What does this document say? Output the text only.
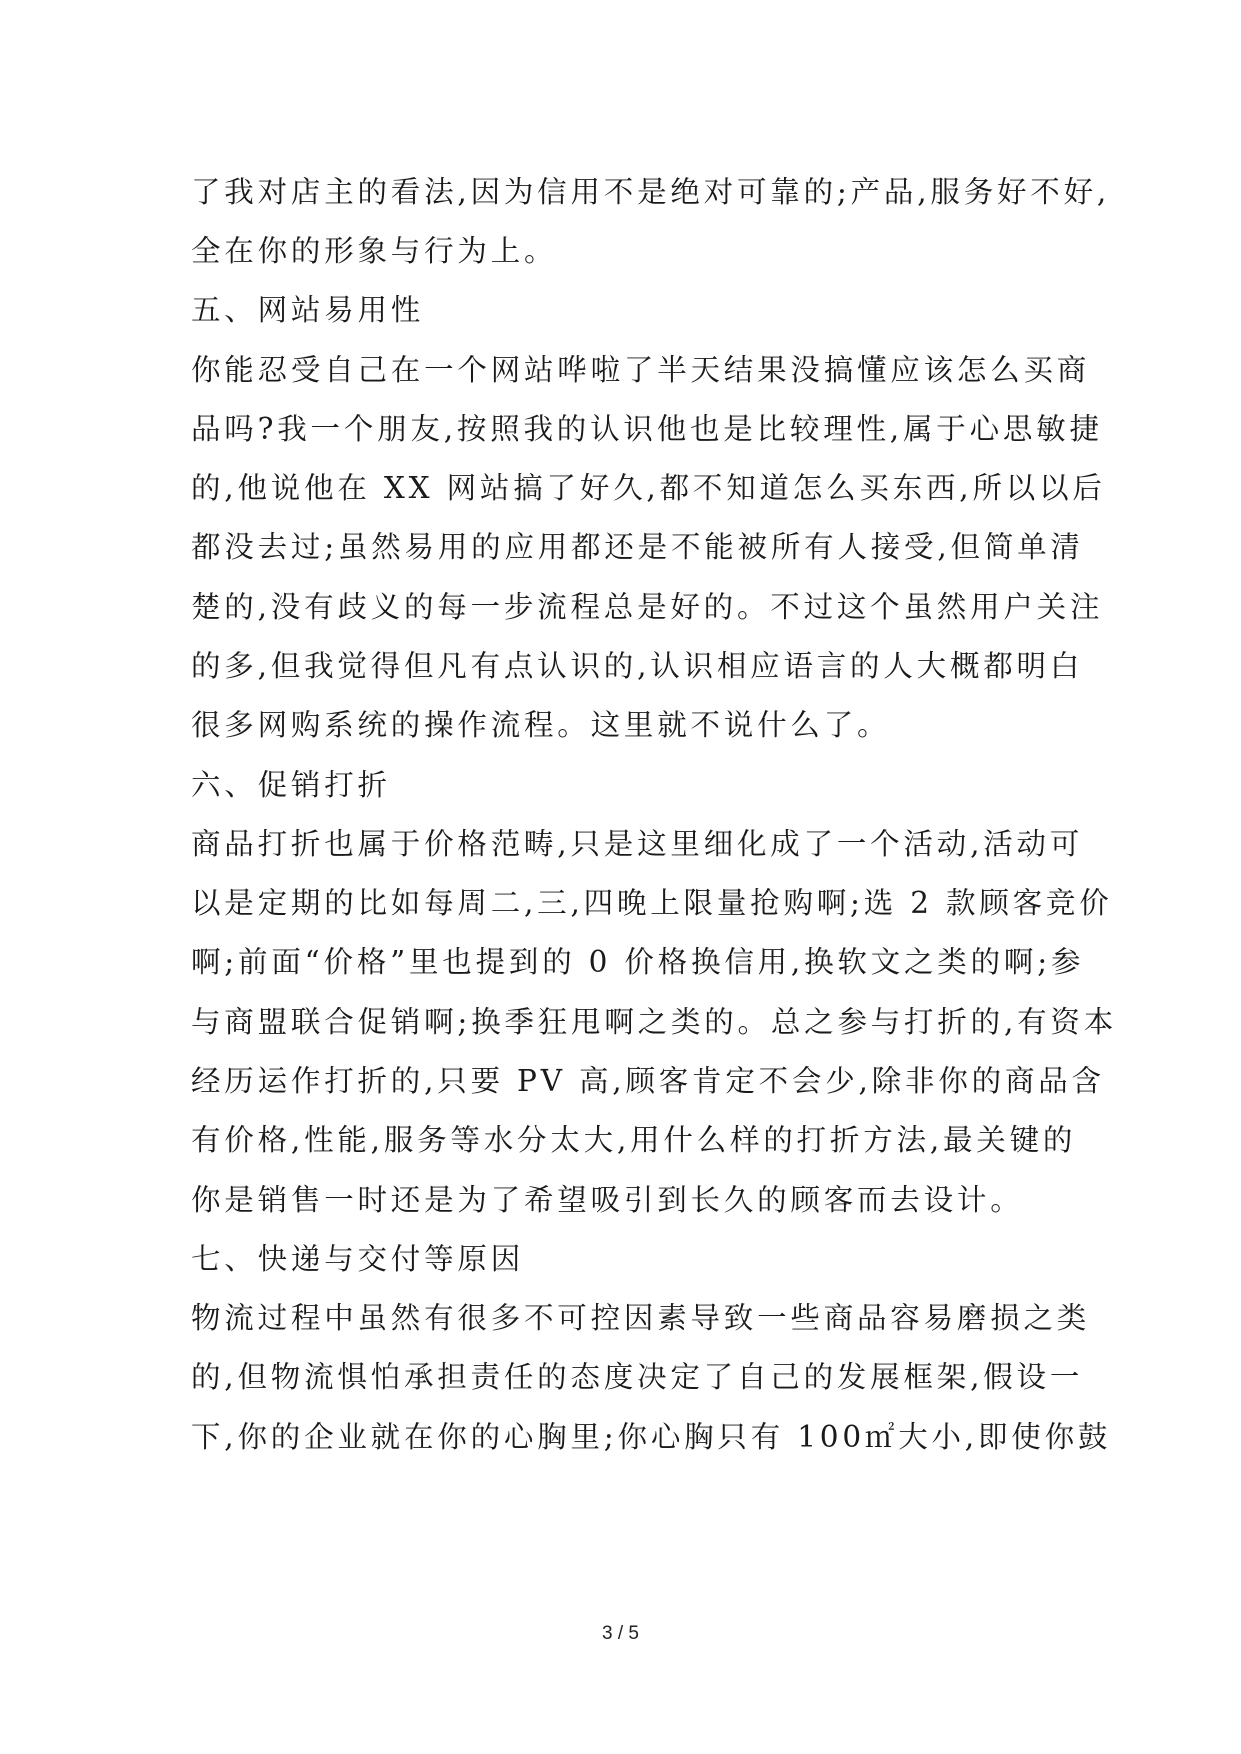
了我对店主的看法,因为信用不是绝对可靠的;产品,服务好不好,
全在你的形象与行为上。
五、网站易用性
你能忍受自己在一个网站哗啦了半天结果没搞懂应该怎么买商
品吗?我一个朋友,按照我的认识他也是比较理性,属于心思敏捷
的,他说他在 XX 网站搞了好久,都不知道怎么买东西,所以以后
都没去过;虽然易用的应用都还是不能被所有人接受,但简单清
楚的,没有歧义的每一步流程总是好的。不过这个虽然用户关注
的多,但我觉得但凡有点认识的,认识相应语言的人大概都明白
很多网购系统的操作流程。这里就不说什么了。
六、促销打折
商品打折也属于价格范畴,只是这里细化成了一个活动,活动可
以是定期的比如每周二,三,四晚上限量抢购啊;选 2 款顾客竞价
啊;前面“价格”里也提到的 0 价格换信用,换软文之类的啊;参
与商盟联合促销啊;换季狂甩啊之类的。总之参与打折的,有资本
经历运作打折的,只要 PV 高,顾客肯定不会少,除非你的商品含
有价格,性能,服务等水分太大,用什么样的打折方法,最关键的
你是销售一时还是为了希望吸引到长久的顾客而去设计。
七、快递与交付等原因
物流过程中虽然有很多不可控因素导致一些商品容易磨损之类
的,但物流惧怕承担责任的态度决定了自己的发展框架,假设一
下,你的企业就在你的心胸里;你心胸只有 100㎡大小,即使你鼓
3 / 5
